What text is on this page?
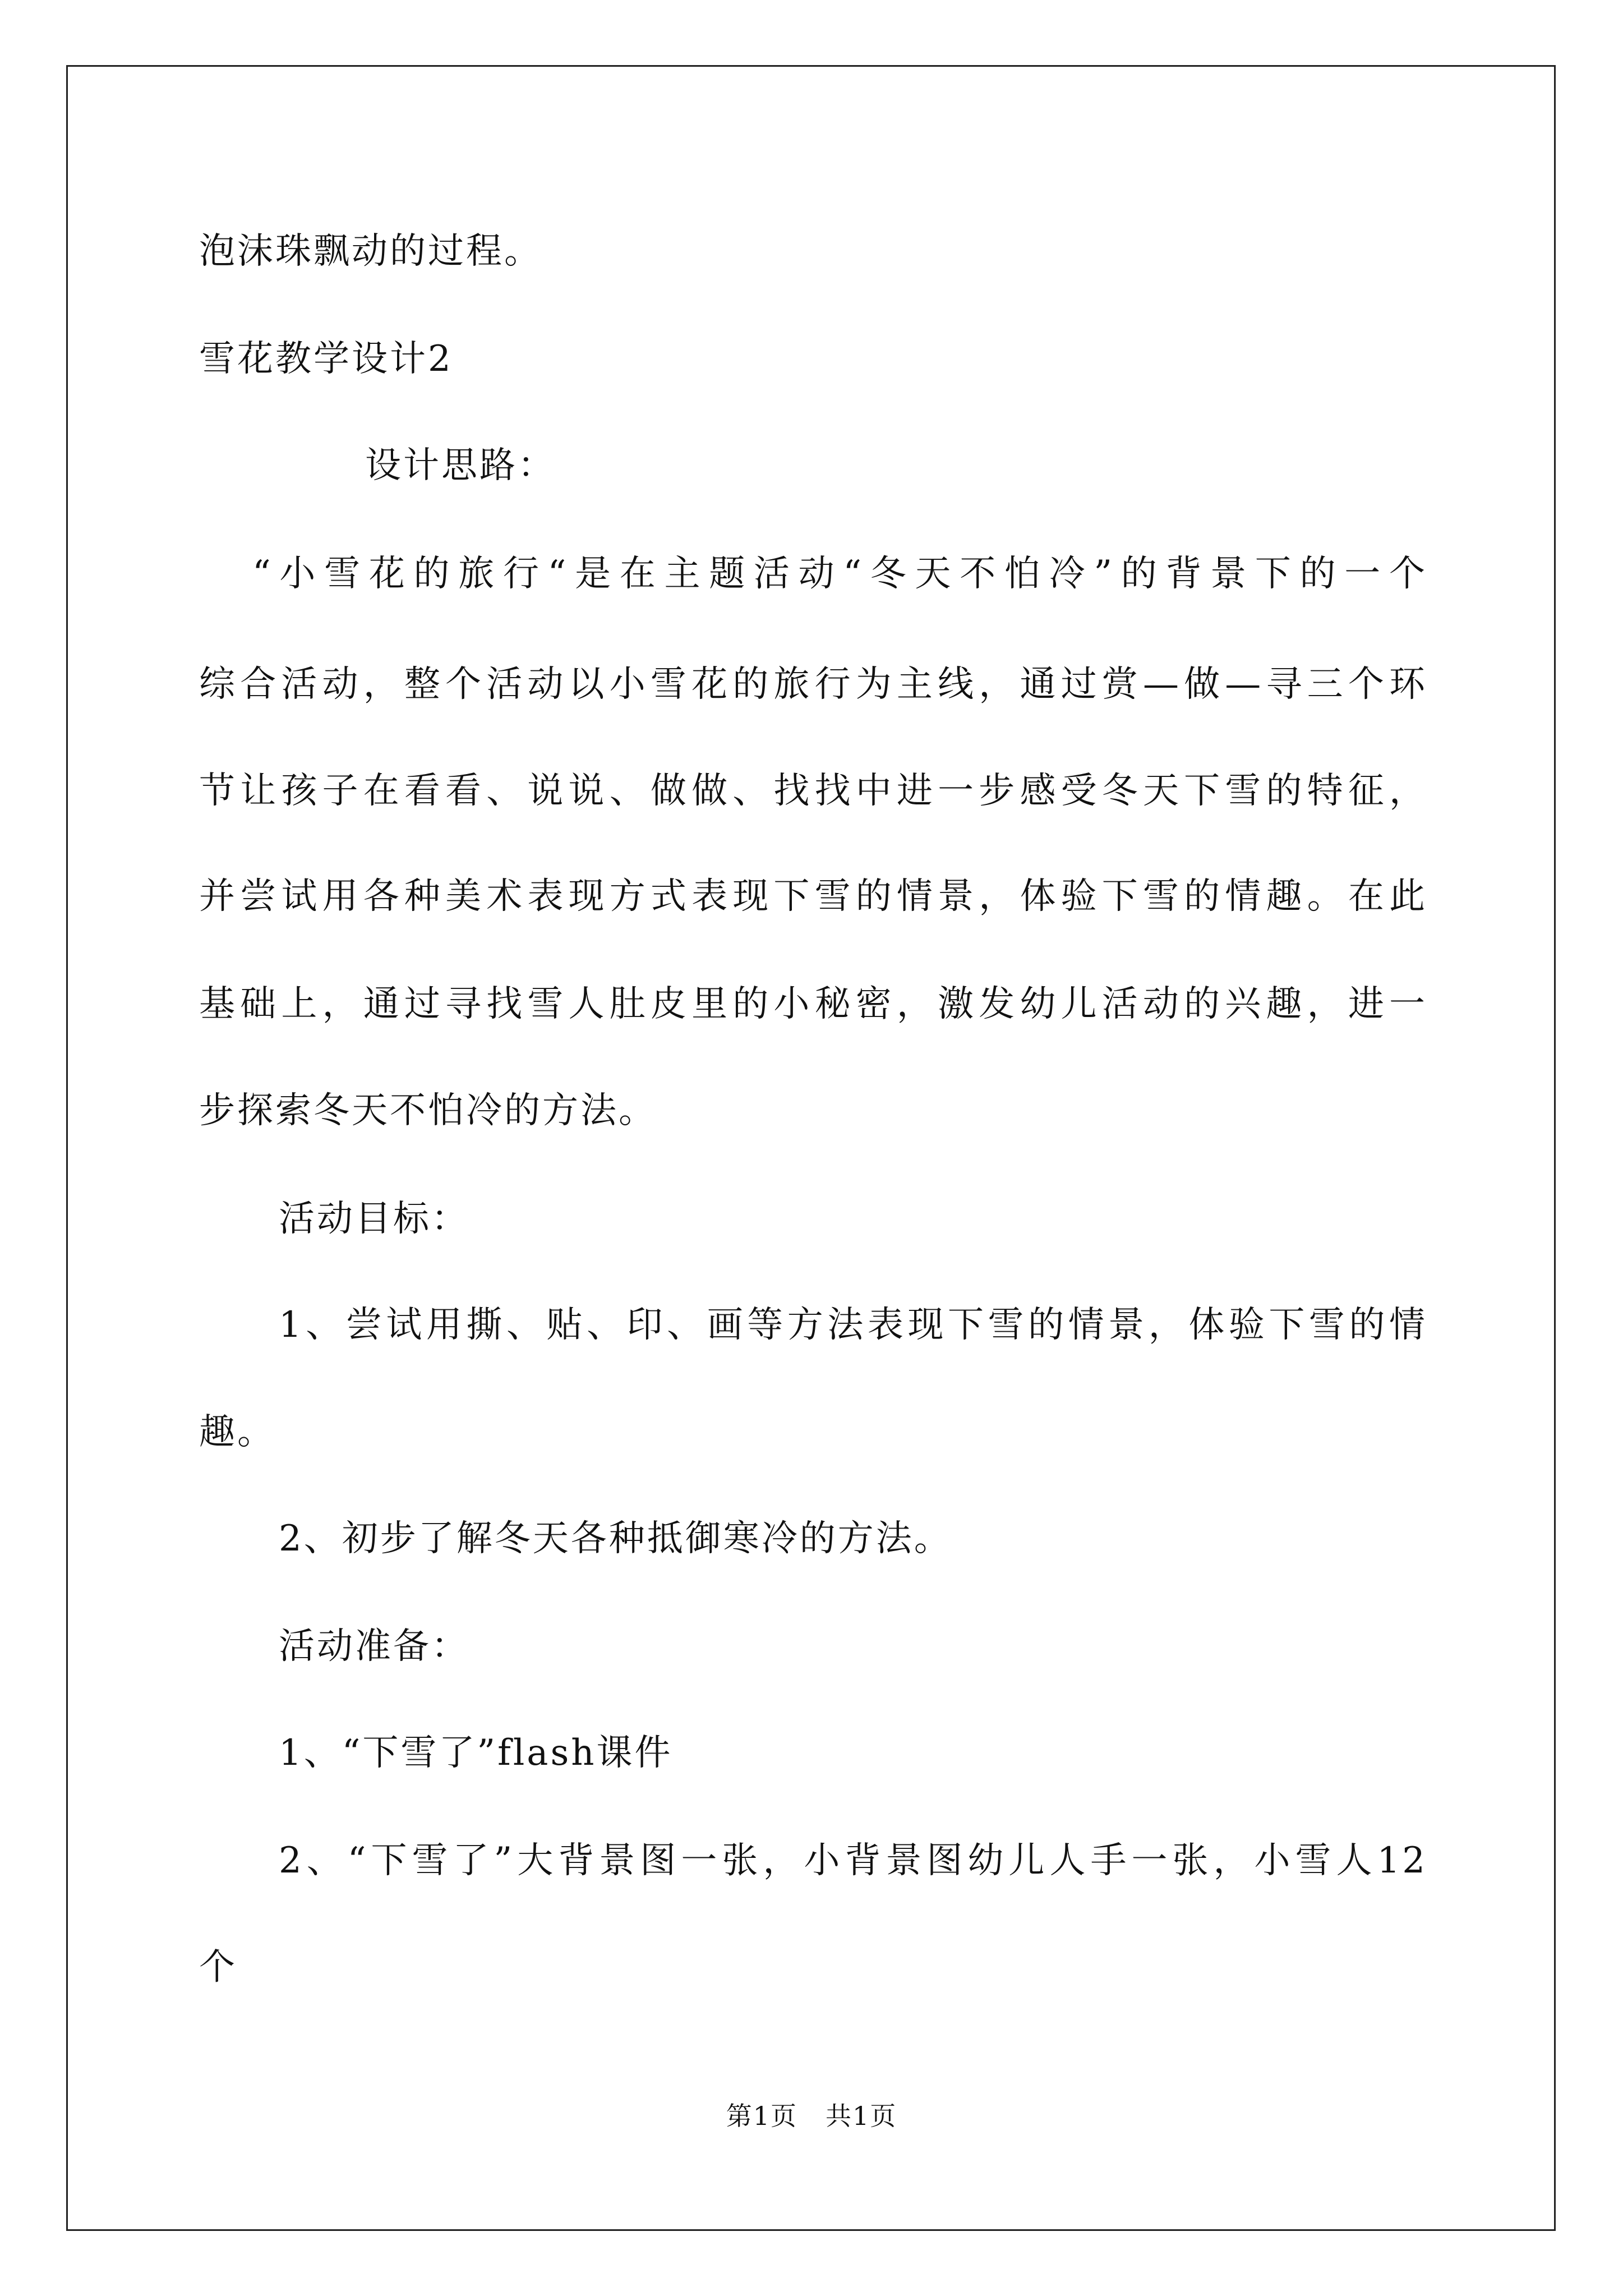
泡沫珠飘动的过程。
雪花教学设计2
设计思路：
“小雪花的旅行“是在主题活动“冬天不怕冷”的背景下的一个
综合活动，整个活动以小雪花的旅行为主线，通过赏—做—寻三个环
节让孩子在看看、说说、做做、找找中进一步感受冬天下雪的特征，
并尝试用各种美术表现方式表现下雪的情景，体验下雪的情趣。在此
基础上，通过寻找雪人肚皮里的小秘密，激发幼儿活动的兴趣，进一
步探索冬天不怕冷的方法。
活动目标：
1、尝试用撕、贴、印、画等方法表现下雪的情景，体验下雪的情
趣。
2、初步了解冬天各种抵御寒冷的方法。
活动准备：
1、“下雪了”flash课件
2、“下雪了”大背景图一张，小背景图幼儿人手一张，小雪人12
个
第1页 共1页
